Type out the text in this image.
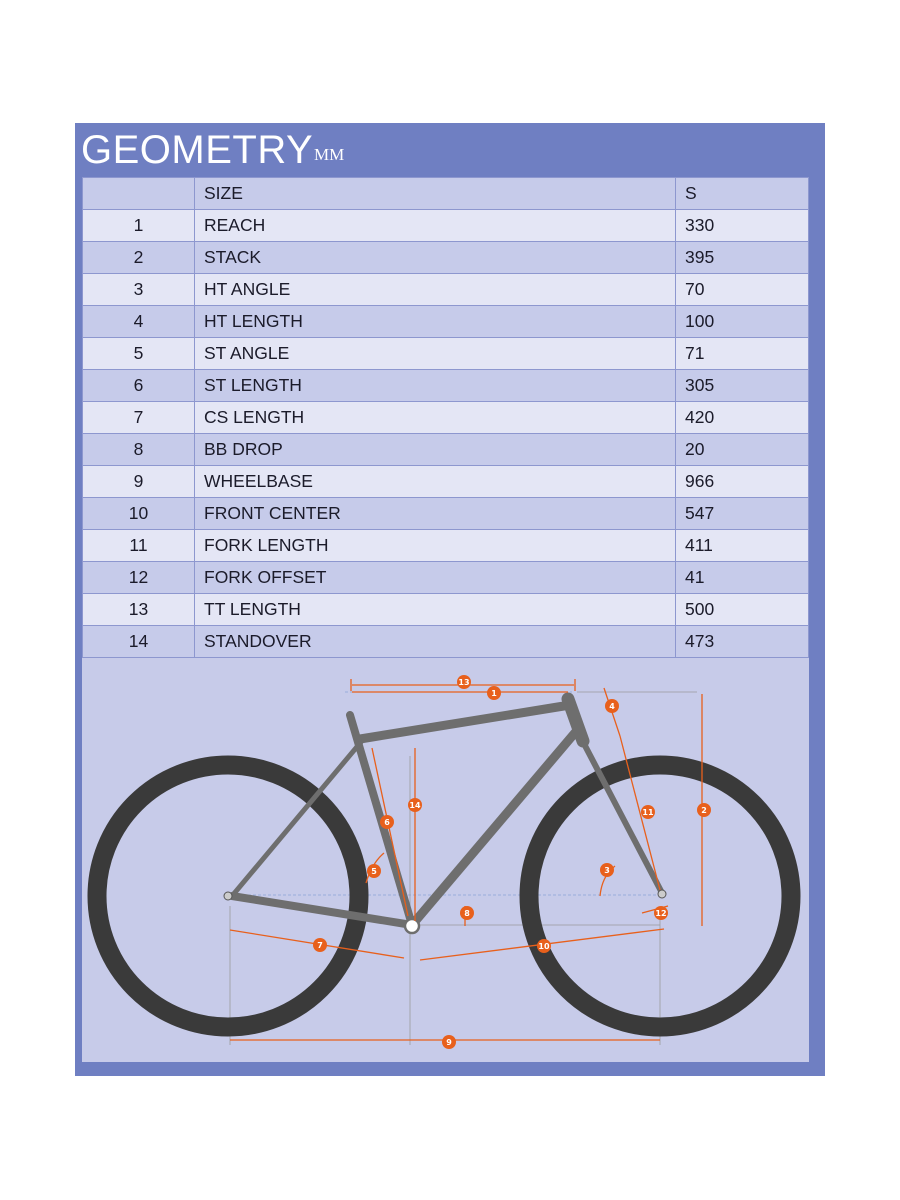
GEOMETRY MM
	SIZE	S
1	REACH	330
2	STACK	395
3	HT ANGLE	70
4	HT LENGTH	100
5	ST ANGLE	71
6	ST LENGTH	305
7	CS LENGTH	420
8	BB DROP	20
9	WHEELBASE	966
10	FRONT CENTER	547
11	FORK LENGTH	411
12	FORK OFFSET	41
13	TT LENGTH	500
14	STANDOVER	473
13
1
4
2
14
11
6
5	3
8	12
7	10
9
